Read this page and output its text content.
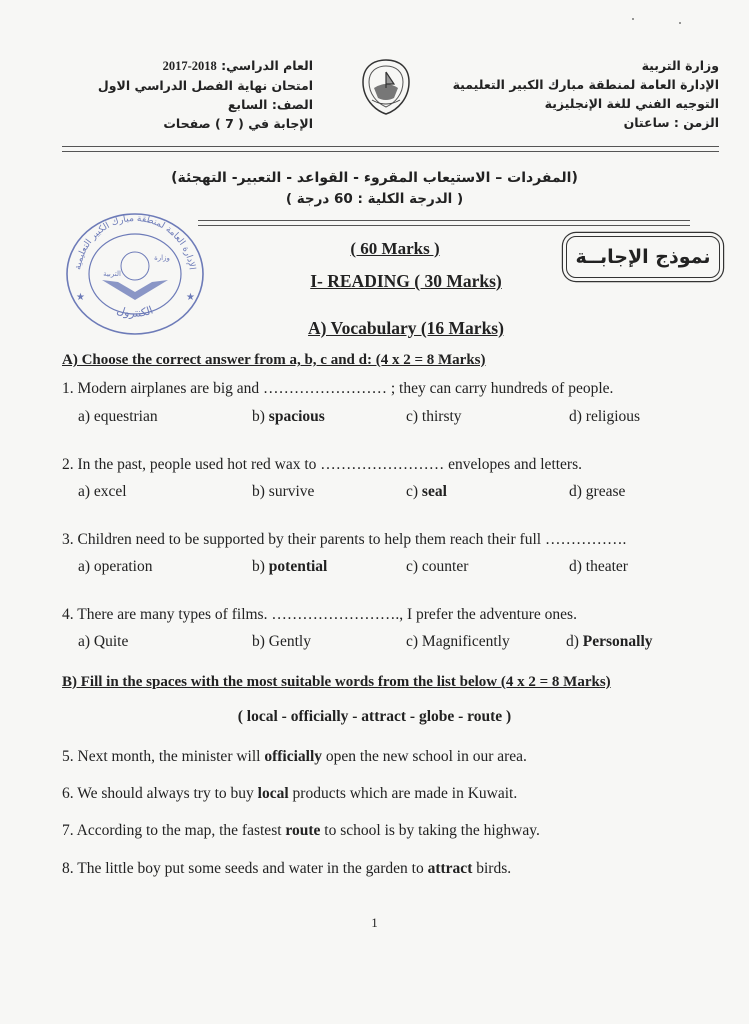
وزارة التربية
الإدارة العامة لمنطقة مبارك الكبير التعليمية
التوجيه الفني للغة الإنجليزية
الزمن : ساعتان
العام الدراسي: 2018-2017
امتحان نهاية الفصل الدراسي الاول
الصف: السابع
الإجابة في ( 7 ) صفحات
(المفردات – الاستيعاب المقروء - القواعد - التعبير- التهجئة)
( الدرجة الكلية : 60 درجة )
الإدارة العامة لمنطقة مبارك الكبير التعليمية
الكنترول
التربية
وزارة
★	★
( 60 Marks )
I- READING ( 30 Marks)
نموذج الإجابــة
A) Vocabulary (16 Marks)
A) Choose the correct answer from a, b, c and d: (4 x 2 = 8 Marks)
1. Modern airplanes are big and …………………… ; they can carry hundreds of people.
a) equestrian	b) spacious	c) thirsty	d) religious
2. In the past, people used hot red wax to …………………… envelopes and letters.
a) excel	b) survive	c) seal	d) grease
3. Children need to be supported by their parents to help them reach their full …………….
a) operation	b) potential	c) counter	d) theater
4. There are many types of films. ……………………., I prefer the adventure ones.
a) Quite	b) Gently	c) Magnificently	d) Personally
B) Fill in the spaces with the most suitable words from the list below (4 x 2 = 8 Marks)
( local - officially - attract - globe - route )
5. Next month, the minister will officially open the new school in our area.
6. We should always try to buy local products which are made in Kuwait.
7. According to the map, the fastest route to school is by taking the highway.
8. The little boy put some seeds and water in the garden to attract birds.
1
